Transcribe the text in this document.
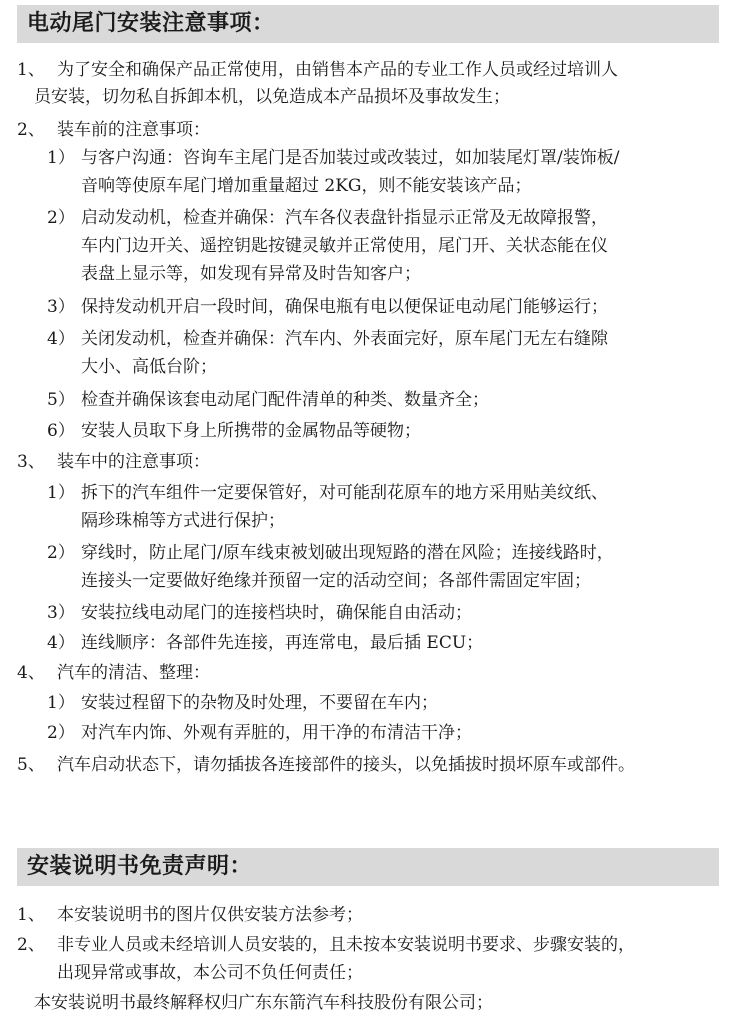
电动尾门安装注意事项：
1、 为了安全和确保产品正常使用，由销售本产品的专业工作人员或经过培训人
员安装，切勿私自拆卸本机，以免造成本产品损坏及事故发生；
2、 装车前的注意事项：
1） 与客户沟通：咨询车主尾门是否加装过或改装过，如加装尾灯罩/装饰板/
音响等使原车尾门增加重量超过 2KG，则不能安装该产品；
2） 启动发动机，检查并确保：汽车各仪表盘针指显示正常及无故障报警，
车内门边开关、遥控钥匙按键灵敏并正常使用，尾门开、关状态能在仪
表盘上显示等，如发现有异常及时告知客户；
3） 保持发动机开启一段时间，确保电瓶有电以便保证电动尾门能够运行；
4） 关闭发动机，检查并确保：汽车内、外表面完好，原车尾门无左右缝隙
大小、高低台阶；
5） 检查并确保该套电动尾门配件清单的种类、数量齐全；
6） 安装人员取下身上所携带的金属物品等硬物；
3、 装车中的注意事项：
1） 拆下的汽车组件一定要保管好，对可能刮花原车的地方采用贴美纹纸、
隔珍珠棉等方式进行保护；
2） 穿线时，防止尾门/原车线束被划破出现短路的潜在风险；连接线路时，
连接头一定要做好绝缘并预留一定的活动空间；各部件需固定牢固；
3） 安装拉线电动尾门的连接档块时，确保能自由活动；
4） 连线顺序：各部件先连接，再连常电，最后插 ECU；
4、 汽车的清洁、整理：
1） 安装过程留下的杂物及时处理，不要留在车内；
2） 对汽车内饰、外观有弄脏的，用干净的布清洁干净；
5、 汽车启动状态下，请勿插拔各连接部件的接头，以免插拔时损坏原车或部件。
安装说明书免责声明：
1、 本安装说明书的图片仅供安装方法参考；
2、 非专业人员或未经培训人员安装的，且未按本安装说明书要求、步骤安装的，
出现异常或事故，本公司不负任何责任；
本安装说明书最终解释权归广东东箭汽车科技股份有限公司；
